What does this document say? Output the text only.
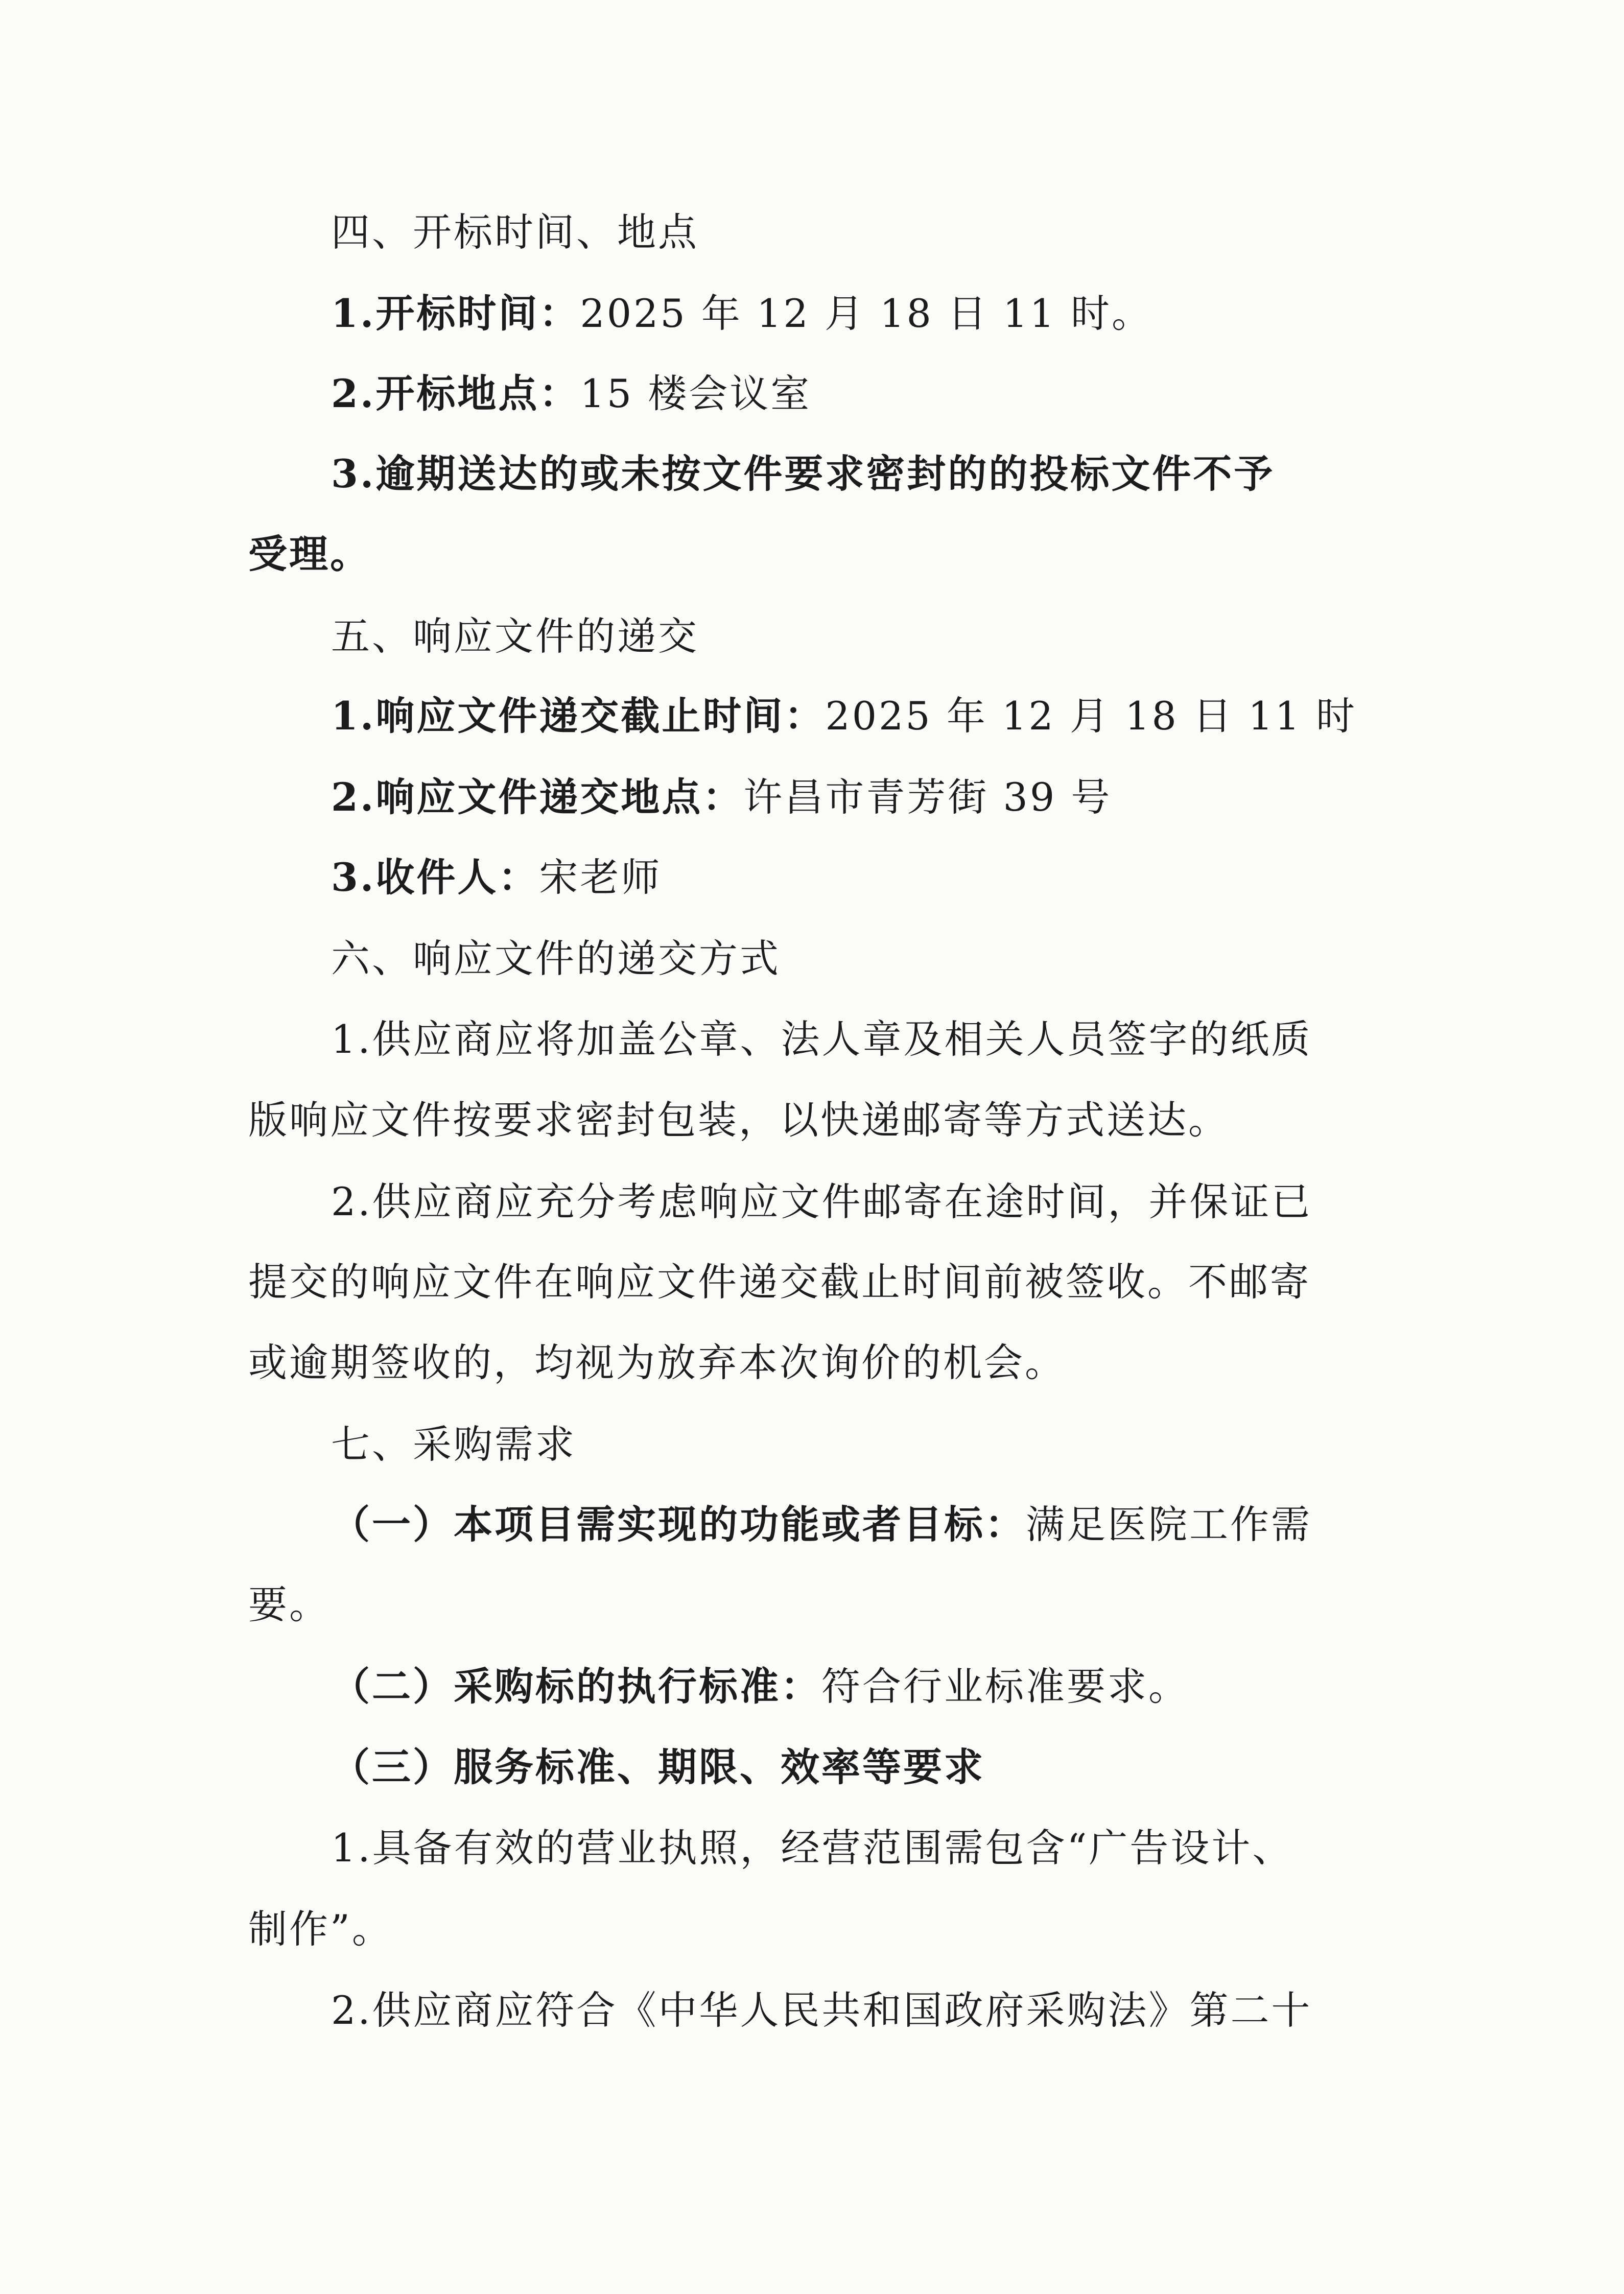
四、开标时间、地点
1.开标时间：2025 年 12 月 18 日 11 时。
2.开标地点：15 楼会议室
3.逾期送达的或未按文件要求密封的的投标文件不予
受理。
五、响应文件的递交
1.响应文件递交截止时间：2025 年 12 月 18 日 11 时
2.响应文件递交地点：许昌市青芳街 39 号
3.收件人：宋老师
六、响应文件的递交方式
1.供应商应将加盖公章、法人章及相关人员签字的纸质
版响应文件按要求密封包装，以快递邮寄等方式送达。
2.供应商应充分考虑响应文件邮寄在途时间，并保证已
提交的响应文件在响应文件递交截止时间前被签收。不邮寄
或逾期签收的，均视为放弃本次询价的机会。
七、采购需求
（一）本项目需实现的功能或者目标：满足医院工作需
要。
（二）采购标的执行标准：符合行业标准要求。
（三）服务标准、期限、效率等要求
1.具备有效的营业执照，经营范围需包含“广告设计、
制作”。
2.供应商应符合《中华人民共和国政府采购法》第二十
